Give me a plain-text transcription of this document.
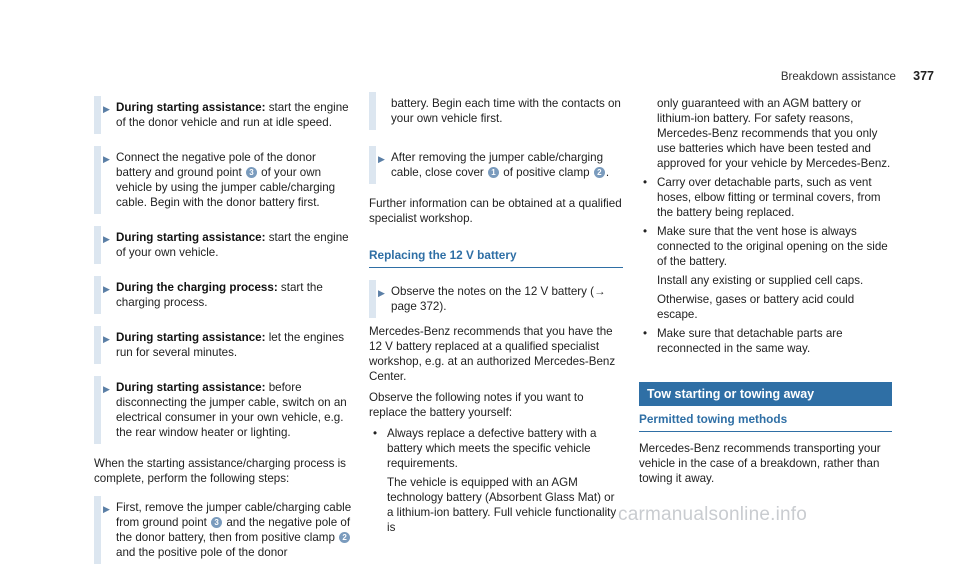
Breakdown assistance 377
▶ During starting assistance: start the engine of the donor vehicle and run at idle speed.
▶ Connect the negative pole of the donor battery and ground point 3 of your own vehicle by using the jumper cable/charging cable. Begin with the donor battery first.
▶ During starting assistance: start the engine of your own vehicle.
▶ During the charging process: start the charging process.
▶ During starting assistance: let the engines run for several minutes.
▶ During starting assistance: before disconnecting the jumper cable, switch on an electrical consumer in your own vehicle, e.g. the rear window heater or lighting.

When the starting assistance/charging process is complete, perform the following steps:

▶ First, remove the jumper cable/charging cable from ground point 3 and the negative pole of the donor battery, then from positive clamp 2 and the positive pole of the donor
battery. Begin each time with the contacts on your own vehicle first.
▶ After removing the jumper cable/charging cable, close cover 1 of positive clamp 2 .

Further information can be obtained at a qualified specialist workshop.

Replacing the 12 V battery
▶ Observe the notes on the 12 V battery (→ page 372).

Mercedes-Benz recommends that you have the 12 V battery replaced at a qualified specialist workshop, e.g. at an authorized Mercedes-Benz Center.

Observe the following notes if you want to replace the battery yourself:

• Always replace a defective battery with a battery which meets the specific vehicle requirements.
The vehicle is equipped with an AGM technology battery (Absorbent Glass Mat) or a lithium-ion battery. Full vehicle functionality is
only guaranteed with an AGM battery or lithium-ion battery. For safety reasons, Mercedes-Benz recommends that you only use batteries which have been tested and approved for your vehicle by Mercedes-Benz.
• Carry over detachable parts, such as vent hoses, elbow fitting or terminal covers, from the battery being replaced.
• Make sure that the vent hose is always connected to the original opening on the side of the battery.
Install any existing or supplied cell caps.
Otherwise, gases or battery acid could escape.
• Make sure that detachable parts are reconnected in the same way.
Tow starting or towing away
Permitted towing methods

Mercedes-Benz recommends transporting your vehicle in the case of a breakdown, rather than towing it away.

carmanualsonline.info
